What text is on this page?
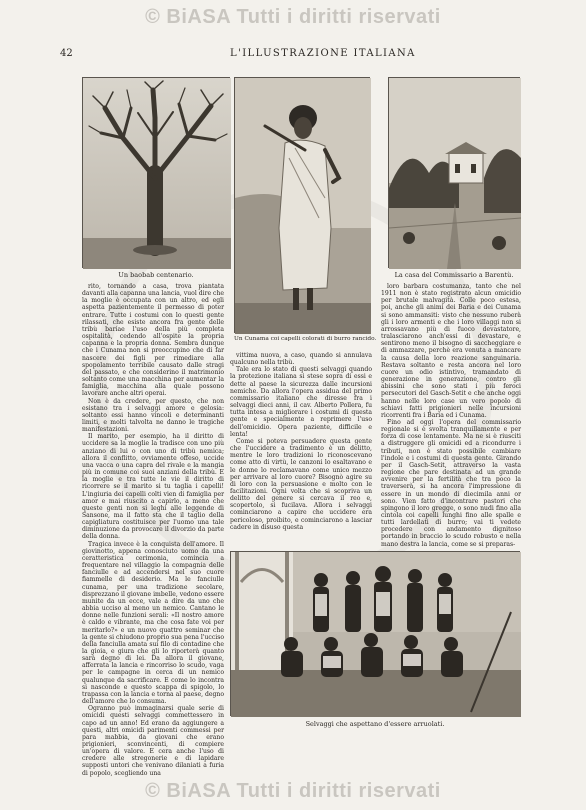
© BiASA Tutti i diritti riservati
© BiASA Tutti i diritti riservati
42	L'ILLUSTRAZIONE ITALIANA
Un baobab centenario.
Un Cunama coi capelli colorati di burro rancido.
La casa del Commissario a Barentù.
Selvaggi che aspettano d'essere arruolati.

rito, tornando a casa, trova piantata davanti alla capanna una lancia, vuol dire che la moglie è occupata con un altro, ed egli aspetta pazientemente il permesso di poter entrare. Tutte i costumi con lo questi gente rilassati, che esiste ancora fra gente delle tribù baríae l'uso della più completa ospitalità, cedendo all'ospite la propria capanna e la propria donna. Sembra dunque che i Cunama non si preoccupino che di far nascere dei figli per rimediare alla spopolamento terribile causato dalle stragi del passato, e che considerino il matrimonio soltanto come una macchina per aumentar la famiglia, macchina alla quale possono lavorare anche altri operai.

Non è da credere, per questo, che non esistano tra i selvaggi amore e gelosia: soltanto essi hanno vincoli e determinanti limiti, e molti talvolta ne danno le tragiche manifestazioni.

Il marito, per esempio, ha il diritto di uccidere sa la moglie la tradisce con uno più anziano di lui o con uno di tribù nemica; allora il conflitto, ovviamente offeso, uccide una vacca o una capra del rivale e la mangia più in comune coi suoi anziani della tribù. E la moglie e tra tutte le vie il diritto di ricorrere se il marito si tu taglia i capelli! L'ingiuria dei capelli colti vien di famiglia per amor e mai riuscito a capirlo, a meno che queste genti non si leghi alle leggende di Sansone, ma il fatto sta che il taglio della capigliatura costituisce per l'uomo una tale diminuzione da provocare il divorzio da parte della donna.

Tragica invece è la conquista dell'amore. Il giovinotto, appena conosciuto uomo da una ceratteristica cerimonia, comincia a frequentare nel villaggio la compagnia delle fanciulle e ad accendersi nel suo cuore fiammelle di desiderio. Ma le fanciulle cunama, per una tradizione secolare, disprezzano il giovane imbelle, vedono essere munite da un ecce, vale a dire da uno che abbia ucciso al meno un nemico. Cantano le donne nelle funzioni serali: «Il nostro amore è caldo e vibrante, ma che cosa fate voi per meritarlo?» e un nuovo quattro seminar che la gente si chiudono proprio sua pena l'ucciso della fanciulla amata sui filo di contadine che la gioia, e giura che gli lo riporterà quanto sarà degno di lei. Da allora il giovane, afferrata la lancia e rincorriso lo scudo, vaga per le campagne in cerca di un nemico qualunque da sacrificare. E come lo incontra si nasconde e questo scappa di spigolo, lo trapassa con la lancia e torna al paese, degno dell'amore che lo consuma.

Ogranno può immaginarsi quale serie di omicidi questi selvaggi commettessero in capo ad un anno! Ed erano da aggiungere a questi, altri omicidi parimenti commessi per para mabbia, da giovani che erano prigionieri, sconvincenti, di compiere un'opera di valore. E cera anche l'uso di credere alle stregonerie e di lapidare supposti untori che venivano dilaniati a furia di popolo, scegliendo una

vittima nuova, a caso, quando si annulava qualcuno nella tribù.

Tale era lo stato di questi selvaggi quando la protezione italiana si stese sopra di essi e dette al paese la sicurezza dalle incursioni nemiche. Da allora l'opera assidua del primo commissario italiano che diresse fra i selvaggi dieci anni, il cav. Alberto Pollera, fu tutta intesa a migliorare i costumi di questa gente e specialmente a reprimere l'uso dell'omicidio. Opera paziente, difficile e lenta!

Come si poteva persuadere questa gente che l'uccidere a tradimento è un delitto, mentre le loro tradizioni lo riconoscevano come atto di virtù, le canzoni lo esaltavano e le donne lo reclamavano come unico mezzo per arrivare al loro cuore? Bisognò agire su di loro con la persuasione e molto con le facilitazioni. Ogni volta che si scopriva un delitto del genere si cercava il reo e, scopertolo, si fucilava. Allora i selvaggi cominciarono a capire che uccidere era pericoloso, proibito, e cominciarono a lasciar cadere in disuso questa

loro barbara costumanza, tanto che nel 1911 non è stato registrato alcun omicidio per brutale malvagità. Colle poco estesa, poi, anche gli animi dei Baria e dei Cunama si sono ammansiti: visto che nessuno ruberà gli i loro armenti e che i loro villaggi non si arrossavano più di fuoco devastatore, tralasciarono anch'essi di devastare, e sentirono meno il bisogno di saccheggiare e di ammazzare, perchè era venuta a mancare la causa della loro reazione sanguinaria. Restava soltanto e resta ancora nel loro cuore un odio istintivo, tramandato di generazione in generazione, contro gli abissini che sono stati i più feroci persecutori del Gasch-Setit e che anche oggi hanno nelle loro case un vero popolo di schiavi fatti prigionieri nelle incursioni ricorrenti fra i Baria ed i Cunama.

Fino ad oggi l'opera del commissario regionale si è svolta tranquillamente e per forza di cose lentamente. Ma ne si è riusciti a distruggere gli omicidi ed a ricondurre i tributi, non è stato possibile cambiare l'indole e i costumi di questa gente. Girando per il Gasch-Setit, attraverso la vasta regione che pare destinata ad un grande avvenire per la fertilità che tra poco la traverserà, si ha ancora l'impressione di essere in un mondo di diecimila anni or sono. Vien fatto d'incontrare pastori che spingono il loro gregge, o sono nudi fino alla cintola coi capelli lunghi fino alle spalle e tutti lardellati di burro; vai ti vedete procedere con andamento dignitoso portando in braccio lo scudo robusto e nella mano destra la lancia, come se si preparas-
